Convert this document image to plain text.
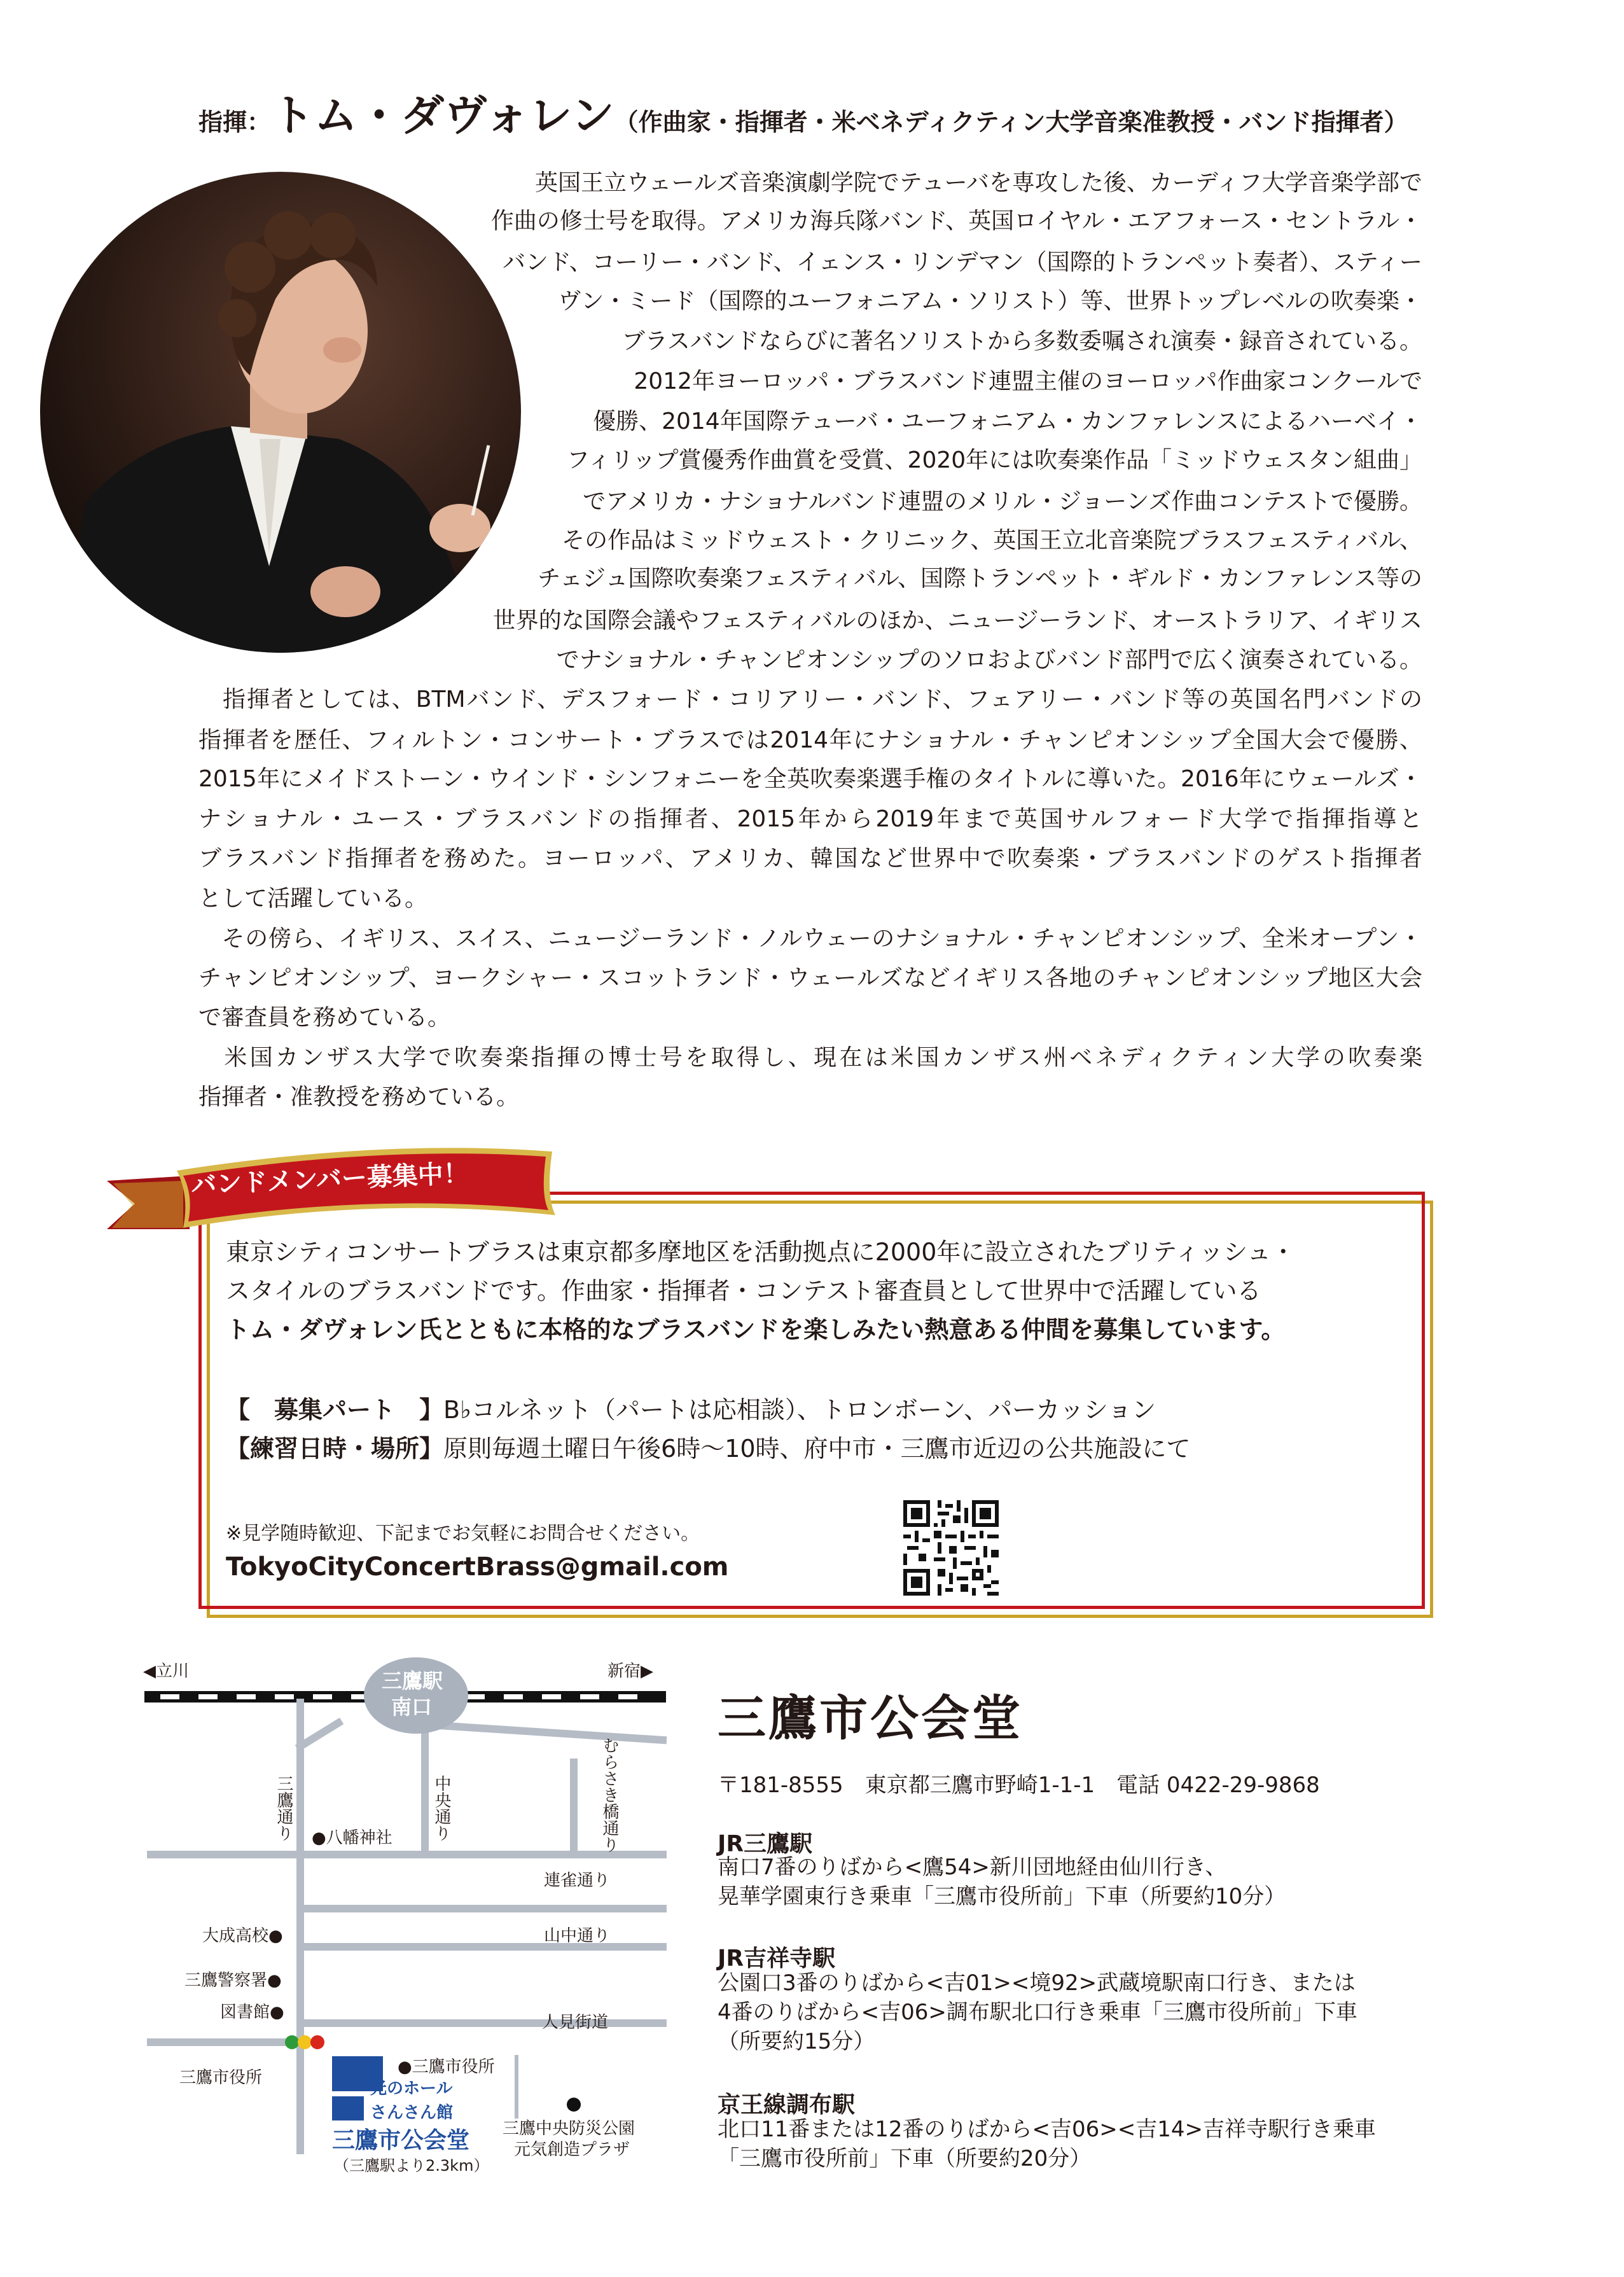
指揮：トム・ダヴォレン（作曲家・指揮者・米ベネディクティン大学音楽准教授・バンド指揮者）
英国王立ウェールズ音楽演劇学院でテューバを専攻した後、カーディフ大学音楽学部で
作曲の修士号を取得。アメリカ海兵隊バンド、英国ロイヤル・エアフォース・セントラル・
バンド、コーリー・バンド、イェンス・リンデマン（国際的トランペット奏者）、スティー
ヴン・ミード（国際的ユーフォニアム・ソリスト）等、世界トップレベルの吹奏楽・
ブラスバンドならびに著名ソリストから多数委嘱され演奏・録音されている。
2012年ヨーロッパ・ブラスバンド連盟主催のヨーロッパ作曲家コンクールで
優勝、2014年国際テューバ・ユーフォニアム・カンファレンスによるハーベイ・
フィリップ賞優秀作曲賞を受賞、2020年には吹奏楽作品「ミッドウェスタン組曲」
でアメリカ・ナショナルバンド連盟のメリル・ジョーンズ作曲コンテストで優勝。
その作品はミッドウェスト・クリニック、英国王立北音楽院ブラスフェスティバル、
チェジュ国際吹奏楽フェスティバル、国際トランペット・ギルド・カンファレンス等の
世界的な国際会議やフェスティバルのほか、ニュージーランド、オーストラリア、イギリス
でナショナル・チャンピオンシップのソロおよびバンド部門で広く演奏されている。
　指揮者としては、BTMバンド、デスフォード・コリアリー・バンド、フェアリー・バンド等の英国名門バンドの
指揮者を歴任、フィルトン・コンサート・ブラスでは2014年にナショナル・チャンピオンシップ全国大会で優勝、
2015年にメイドストーン・ウインド・シンフォニーを全英吹奏楽選手権のタイトルに導いた。2016年にウェールズ・
ナショナル・ユース・ブラスバンドの指揮者、2015年から2019年まで英国サルフォード大学で指揮指導と
ブラスバンド指揮者を務めた。ヨーロッパ、アメリカ、韓国など世界中で吹奏楽・ブラスバンドのゲスト指揮者
として活躍している。
　その傍ら、イギリス、スイス、ニュージーランド・ノルウェーのナショナル・チャンピオンシップ、全米オープン・
チャンピオンシップ、ヨークシャー・スコットランド・ウェールズなどイギリス各地のチャンピオンシップ地区大会
で審査員を務めている。
　米国カンザス大学で吹奏楽指揮の博士号を取得し、現在は米国カンザス州ベネディクティン大学の吹奏楽
指揮者・准教授を務めている。
バンドメンバー募集中！
東京シティコンサートブラスは東京都多摩地区を活動拠点に2000年に設立されたブリティッシュ・
スタイルのブラスバンドです。作曲家・指揮者・コンテスト審査員として世界中で活躍している
トム・ダヴォレン氏とともに本格的なブラスバンドを楽しみたい熱意ある仲間を募集しています。
【　募集パート　】B♭コルネット（パートは応相談）、トロンボーン、パーカッション
【練習日時・場所】原則毎週土曜日午後6時〜10時、府中市・三鷹市近辺の公共施設にて
※見学随時歓迎、下記までお気軽にお問合せください。
TokyoCityConcertBrass@gmail.com
◀立川	新宿▶
三鷹駅
南口
三鷹通り	中央通り	むらさき橋通り
●八幡神社
連雀通り
大成高校●	山中通り
三鷹警察署●
図書館●
人見街道
三鷹市役所
●三鷹市役所
光のホール
さんさん館
三鷹市公会堂
（三鷹駅より2.3km）
三鷹中央防災公園
元気創造プラザ
三鷹市公会堂
〒181-8555　東京都三鷹市野崎1-1-1　電話 0422-29-9868
JR三鷹駅
南口7番のりばから<鷹54>新川団地経由仙川行き、
晃華学園東行き乗車「三鷹市役所前」下車（所要約10分）
JR吉祥寺駅
公園口3番のりばから<吉01><境92>武蔵境駅南口行き、または
4番のりばから<吉06>調布駅北口行き乗車「三鷹市役所前」下車
（所要約15分）
京王線調布駅
北口11番または12番のりばから<吉06><吉14>吉祥寺駅行き乗車
「三鷹市役所前」下車（所要約20分）
